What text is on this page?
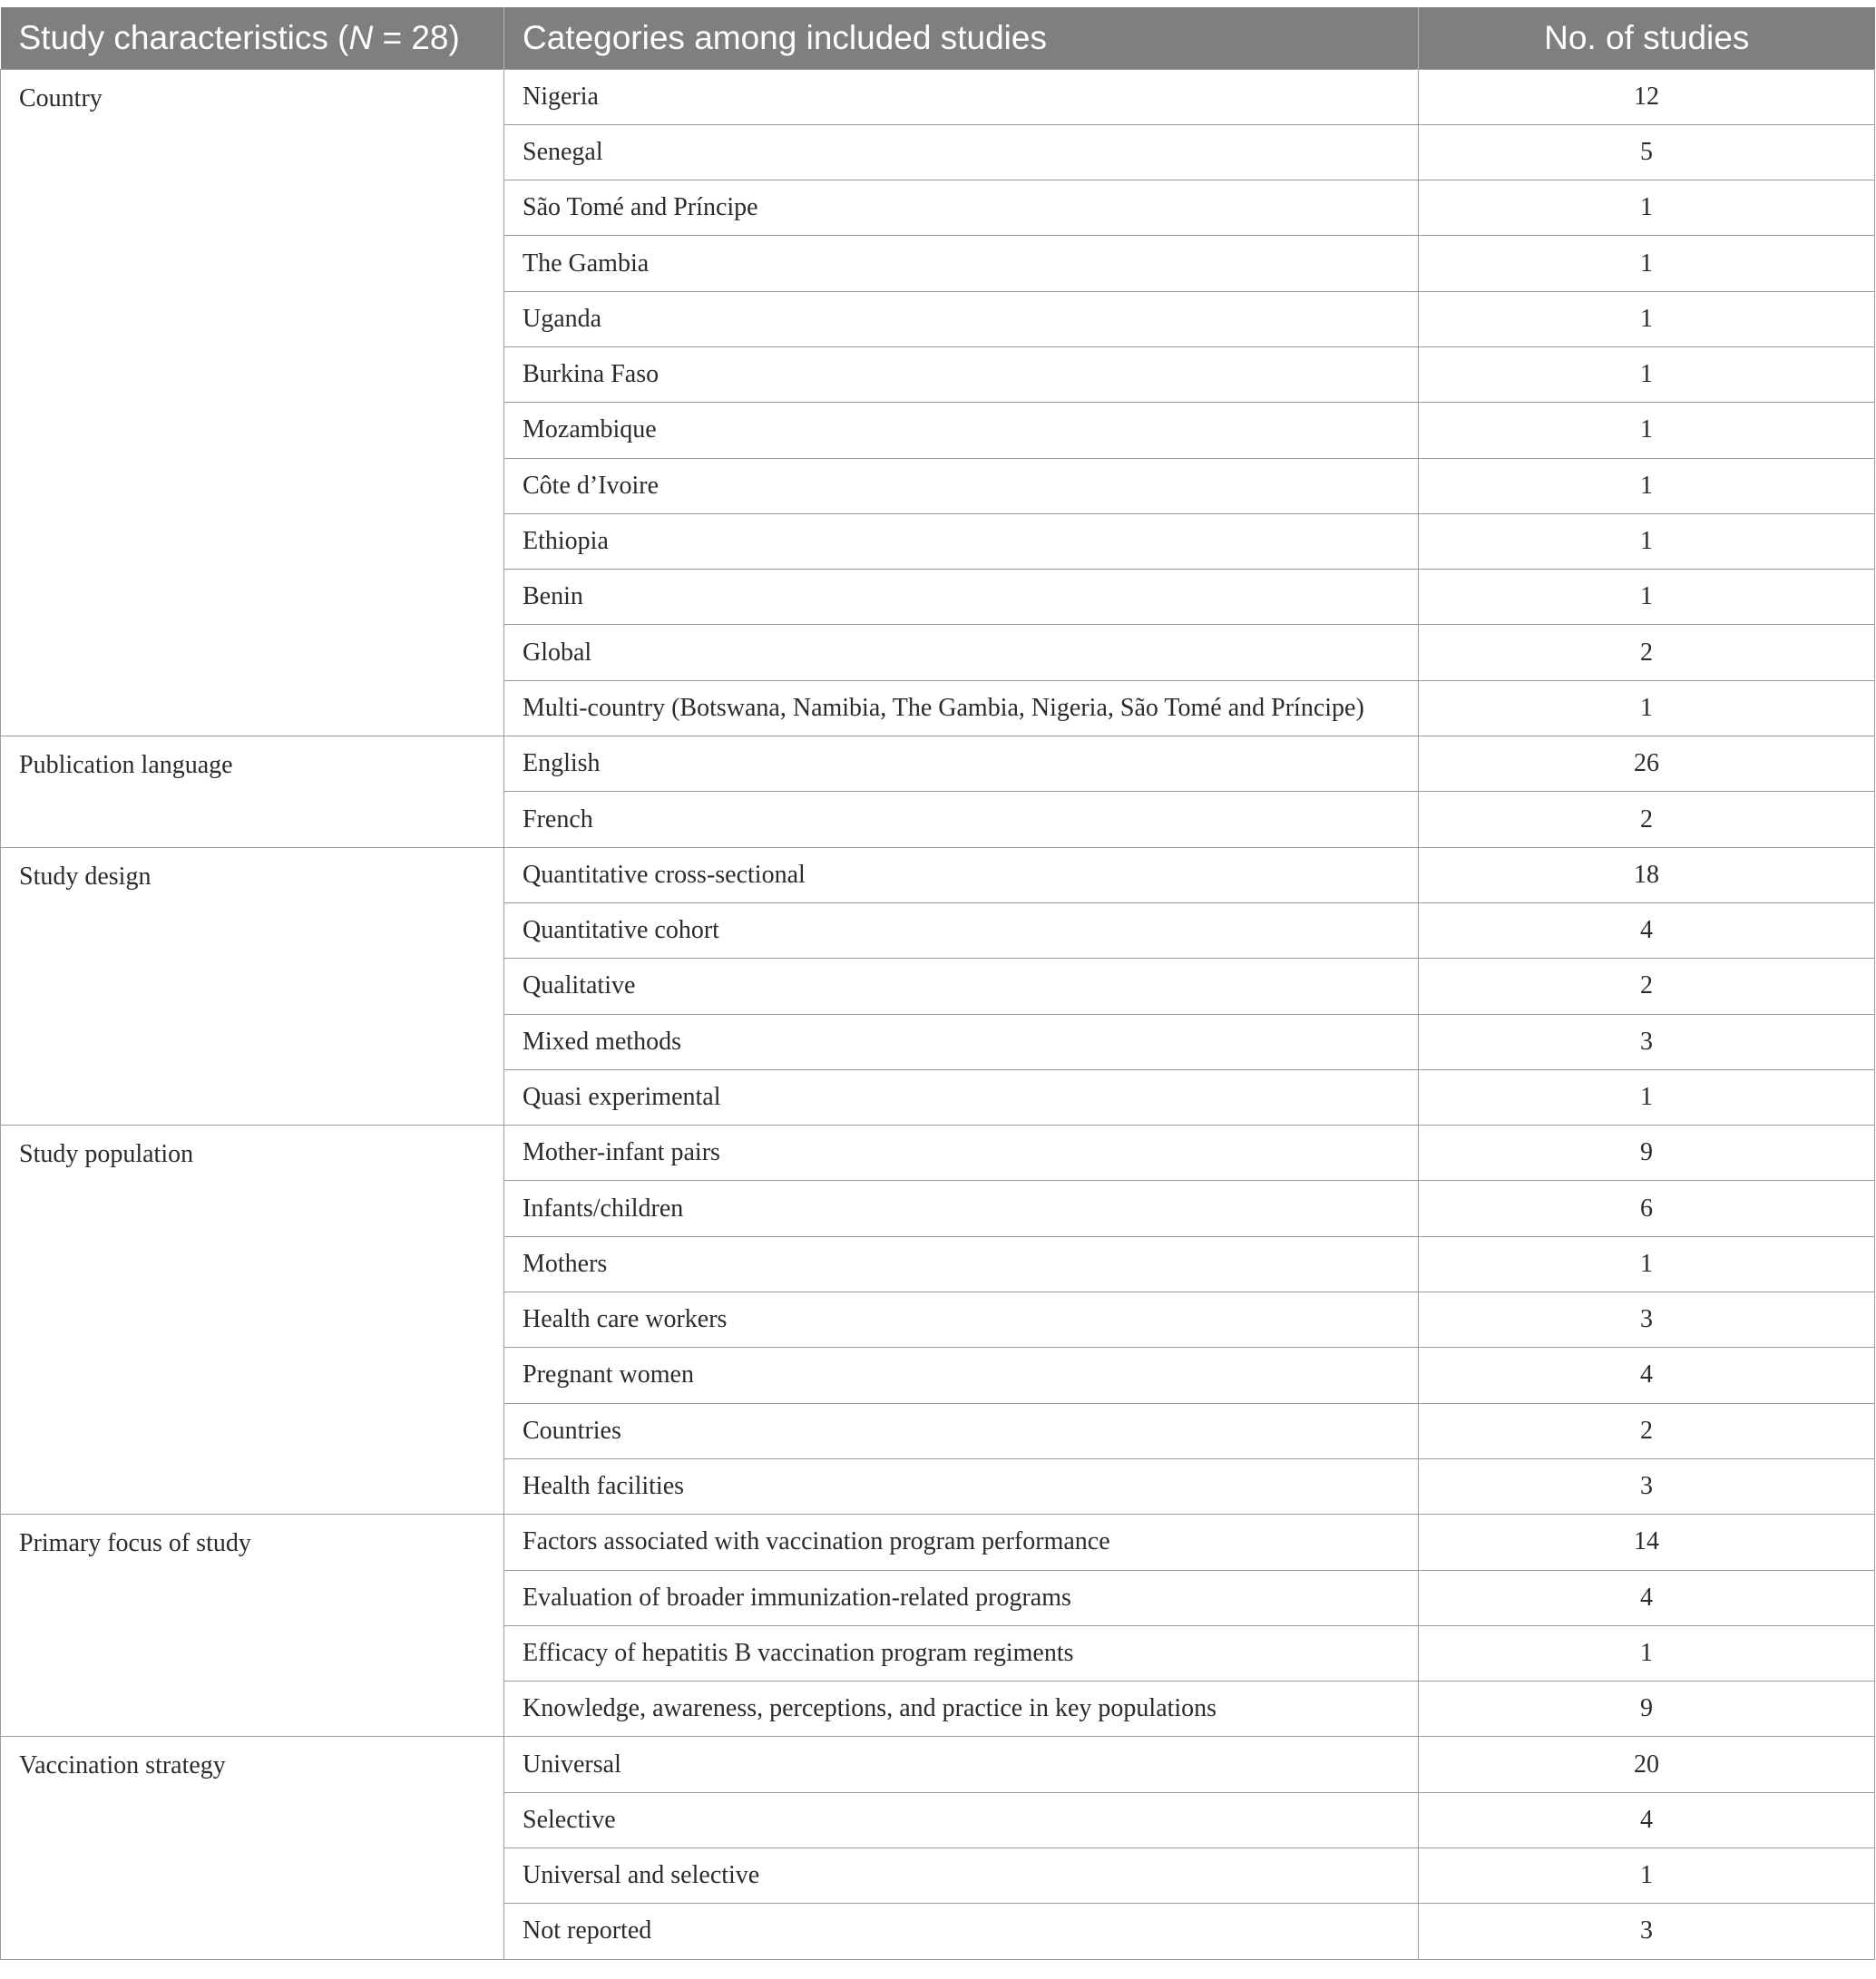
Study characteristics (N = 28)	Categories among included studies	No. of studies
Country	Nigeria	12
	Senegal	5
	São Tomé and Príncipe	1
	The Gambia	1
	Uganda	1
	Burkina Faso	1
	Mozambique	1
	Côte d’Ivoire	1
	Ethiopia	1
	Benin	1
	Global	2
	Multi-country (Botswana, Namibia, The Gambia, Nigeria, São Tomé and Príncipe)	1
Publication language	English	26
	French	2
Study design	Quantitative cross-sectional	18
	Quantitative cohort	4
	Qualitative	2
	Mixed methods	3
	Quasi experimental	1
Study population	Mother-infant pairs	9
	Infants/children	6
	Mothers	1
	Health care workers	3
	Pregnant women	4
	Countries	2
	Health facilities	3
Primary focus of study	Factors associated with vaccination program performance	14
	Evaluation of broader immunization-related programs	4
	Efficacy of hepatitis B vaccination program regiments	1
	Knowledge, awareness, perceptions, and practice in key populations	9
Vaccination strategy	Universal	20
	Selective	4
	Universal and selective	1
	Not reported	3
